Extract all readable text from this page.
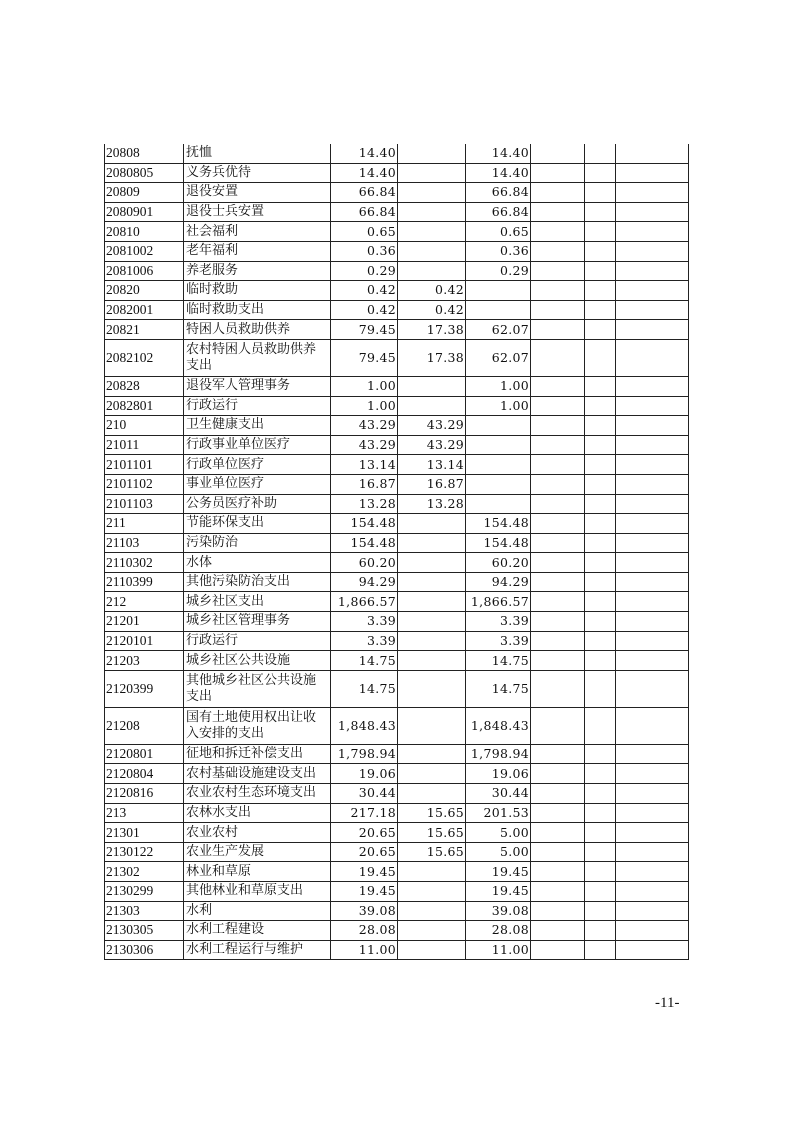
20808	抚恤	14.40		14.40			
2080805	义务兵优待	14.40		14.40			
20809	退役安置	66.84		66.84			
2080901	退役士兵安置	66.84		66.84			
20810	社会福利	0.65		0.65			
2081002	老年福利	0.36		0.36			
2081006	养老服务	0.29		0.29			
20820	临时救助	0.42	0.42				
2082001	临时救助支出	0.42	0.42				
20821	特困人员救助供养	79.45	17.38	62.07			
2082102	农村特困人员救助供养支出	79.45	17.38	62.07			
20828	退役军人管理事务	1.00		1.00			
2082801	行政运行	1.00		1.00			
210	卫生健康支出	43.29	43.29				
21011	行政事业单位医疗	43.29	43.29				
2101101	行政单位医疗	13.14	13.14				
2101102	事业单位医疗	16.87	16.87				
2101103	公务员医疗补助	13.28	13.28				
211	节能环保支出	154.48		154.48			
21103	污染防治	154.48		154.48			
2110302	水体	60.20		60.20			
2110399	其他污染防治支出	94.29		94.29			
212	城乡社区支出	1,866.57		1,866.57			
21201	城乡社区管理事务	3.39		3.39			
2120101	行政运行	3.39		3.39			
21203	城乡社区公共设施	14.75		14.75			
2120399	其他城乡社区公共设施支出	14.75		14.75			
21208	国有土地使用权出让收入安排的支出	1,848.43		1,848.43			
2120801	征地和拆迁补偿支出	1,798.94		1,798.94			
2120804	农村基础设施建设支出	19.06		19.06			
2120816	农业农村生态环境支出	30.44		30.44			
213	农林水支出	217.18	15.65	201.53			
21301	农业农村	20.65	15.65	5.00			
2130122	农业生产发展	20.65	15.65	5.00			
21302	林业和草原	19.45		19.45			
2130299	其他林业和草原支出	19.45		19.45			
21303	水利	39.08		39.08			
2130305	水利工程建设	28.08		28.08			
2130306	水利工程运行与维护	11.00		11.00			
-11-
